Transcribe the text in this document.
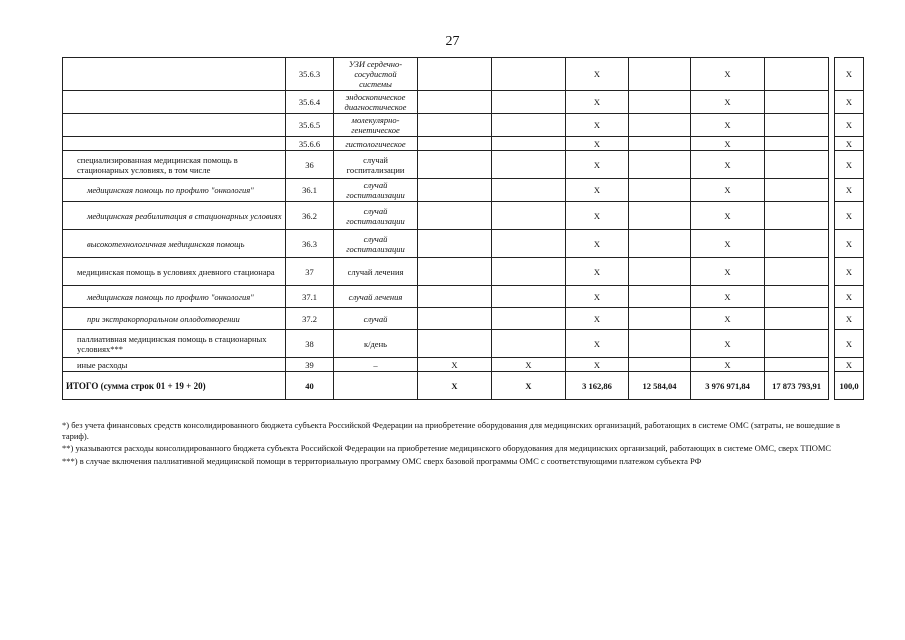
27
	35.6.3	УЗИ сердечно-сосудистой системы			X		X			X
	35.6.4	эндоскопическое диагностическое			X		X			X
	35.6.5	молекулярно-генетическое			X		X			X
	35.6.6	гистологическое			X		X			X
специализированная медицинская помощь в стационарных условиях, в том числе	36	случай госпитализации			X		X			X
медицинская помощь по профилю "онкология"	36.1	случай госпитализации			X		X			X
медицинская реабилитация в стационарных условиях	36.2	случай госпитализации			X		X			X
высокотехнологичная медицинская помощь	36.3	случай госпитализации			X		X			X
медицинская помощь в условиях дневного стационара	37	случай лечения			X		X			X
медицинская помощь по профилю "онкология"	37.1	случай лечения			X		X			X
при экстракорпоральном оплодотворении	37.2	случай			X		X			X
паллиативная медицинская помощь в стационарных условиях***	38	к/день			X		X			X
иные расходы	39	–	X	X	X		X			X
ИТОГО (сумма строк 01 + 19 + 20)	40		X	X	3 162,86	12 584,04	3 976 971,84	17 873 793,91		100,0

*) без учета финансовых средств консолидированного бюджета субъекта Российской Федерации на приобретение оборудования для медицинских организаций, работающих в системе ОМС (затраты, не вошедшие в тариф).

**) указываются расходы консолидированного бюджета субъекта Российской Федерации на приобретение медицинского оборудования для медицинских организаций, работающих в системе ОМС, сверх ТПОМС

***) в случае включения паллиативной медицинской помощи в территориальную программу ОМС сверх базовой программы ОМС с соответствующими платежом субъекта РФ
